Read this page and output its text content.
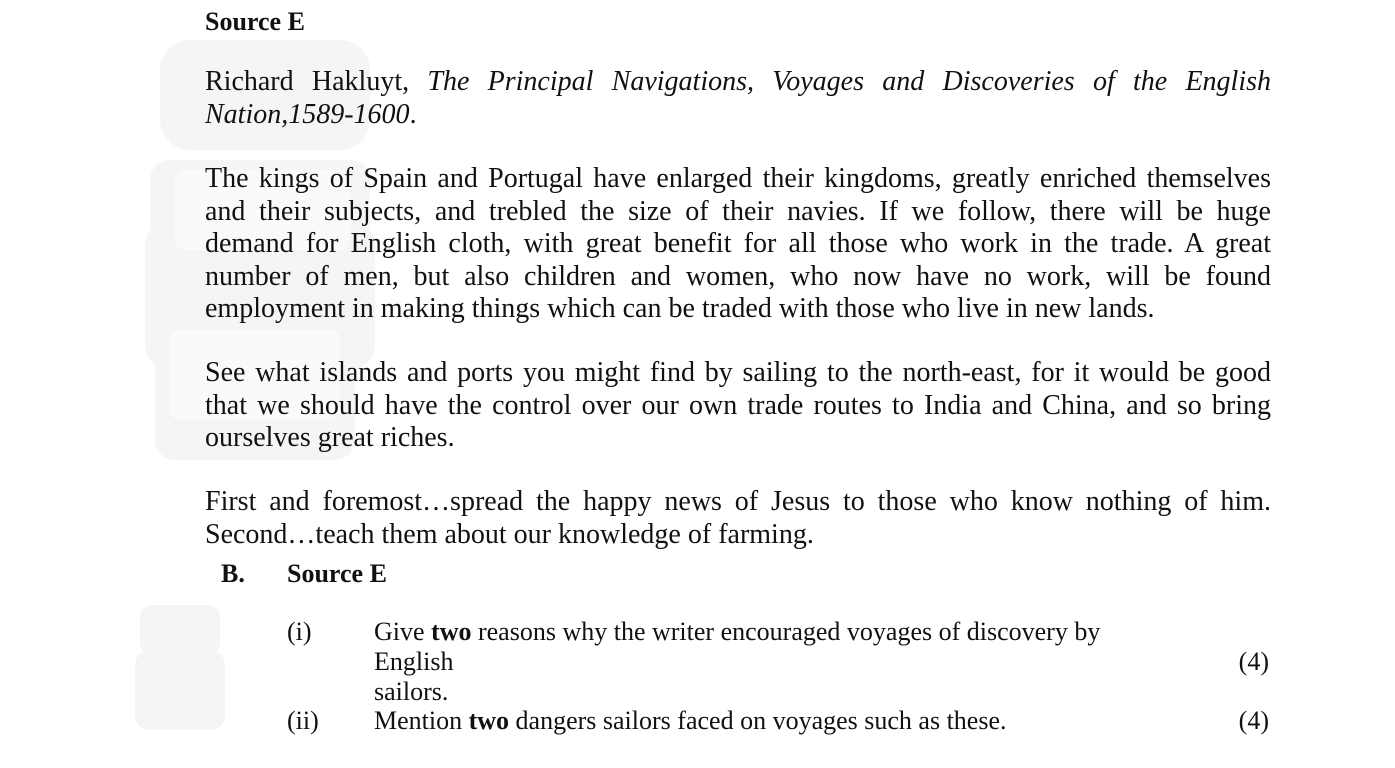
Source E

Richard Hakluyt, The Principal Navigations, Voyages and Discoveries of the English
Nation,1589-1600.

The kings of Spain and Portugal have enlarged their kingdoms, greatly enriched themselves
and their subjects, and trebled the size of their navies. If we follow, there will be huge
demand for English cloth, with great benefit for all those who work in the trade. A great
number of men, but also children and women, who now have no work, will be found
employment in making things which can be traded with those who live in new lands.

See what islands and ports you might find by sailing to the north-east, for it would be good
that we should have the control over our own trade routes to India and China, and so bring
ourselves great riches.

First and foremost…spread the happy news of Jesus to those who know nothing of him.
Second…teach them about our knowledge of farming.

B. Source E
(i) Give two reasons why the writer encouraged voyages of discovery by English
sailors.
(4)
(ii) Mention two dangers sailors faced on voyages such as these.	(4)
